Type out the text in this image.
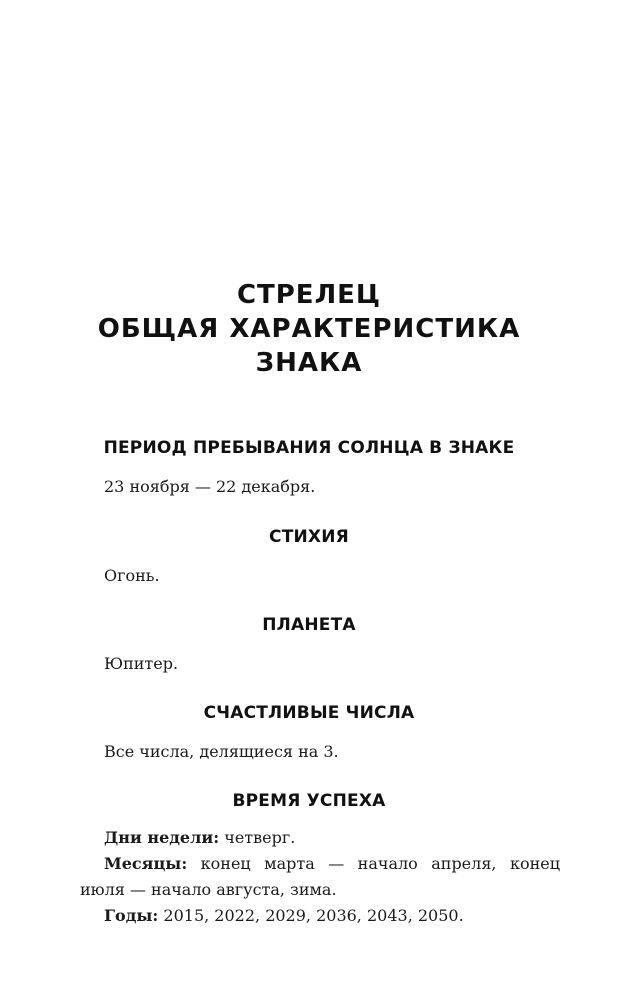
СТРЕЛЕЦ
ОБЩАЯ ХАРАКТЕРИСТИКА
ЗНАКА
ПЕРИОД ПРЕБЫВАНИЯ СОЛНЦА В ЗНАКЕ

23 ноября — 22 декабря.

СТИХИЯ

Огонь.

ПЛАНЕТА

Юпитер.

СЧАСТЛИВЫЕ ЧИСЛА

Все числа, делящиеся на 3.

ВРЕМЯ УСПЕХА

Дни недели: четверг.

Месяцы: конец марта — начало апреля, конец
июля — начало августа, зима.

Годы: 2015, 2022, 2029, 2036, 2043, 2050.
